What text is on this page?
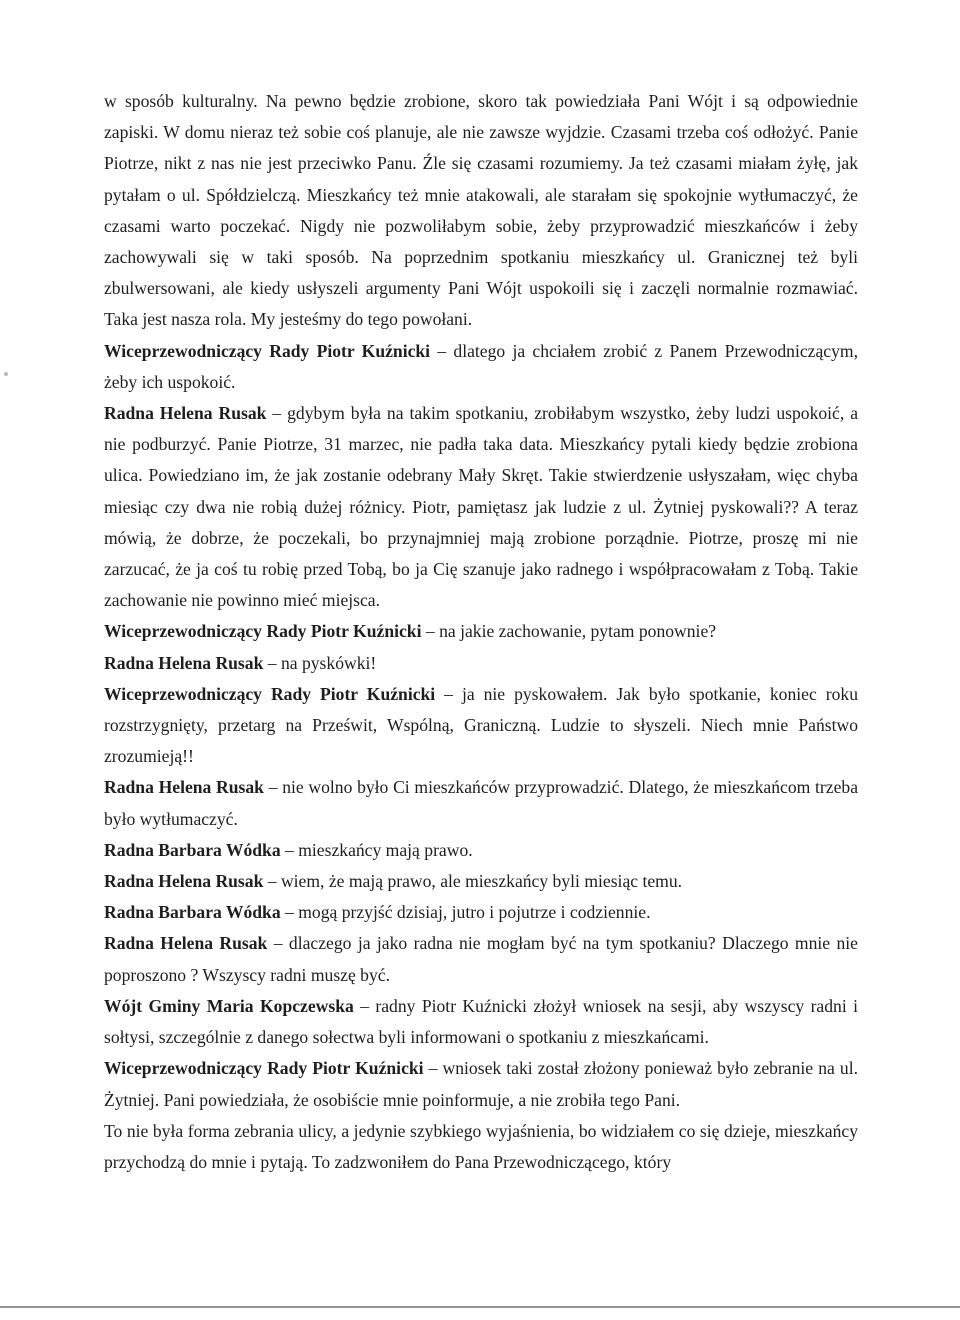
w sposób kulturalny. Na pewno będzie zrobione, skoro tak powiedziała Pani Wójt i są odpowiednie zapiski. W domu nieraz też sobie coś planuje, ale nie zawsze wyjdzie. Czasami trzeba coś odłożyć. Panie Piotrze, nikt z nas nie jest przeciwko Panu. Źle się czasami rozumiemy. Ja też czasami miałam żyłę, jak pytałam o ul. Spółdzielczą. Mieszkańcy też mnie atakowali, ale starałam się spokojnie wytłumaczyć, że czasami warto poczekać. Nigdy nie pozwoliłabym sobie, żeby przyprowadzić mieszkańców i żeby zachowywali się w taki sposób. Na poprzednim spotkaniu mieszkańcy ul. Granicznej też byli zbulwersowani, ale kiedy usłyszeli argumenty Pani Wójt uspokoili się i zaczęli normalnie rozmawiać. Taka jest nasza rola. My jesteśmy do tego powołani.

Wiceprzewodniczący Rady Piotr Kuźnicki – dlatego ja chciałem zrobić z Panem Przewodniczącym, żeby ich uspokoić.

Radna Helena Rusak – gdybym była na takim spotkaniu, zrobiłabym wszystko, żeby ludzi uspokoić, a nie podburzyć. Panie Piotrze, 31 marzec, nie padła taka data. Mieszkańcy pytali kiedy będzie zrobiona ulica. Powiedziano im, że jak zostanie odebrany Mały Skręt. Takie stwierdzenie usłyszałam, więc chyba miesiąc czy dwa nie robią dużej różnicy. Piotr, pamiętasz jak ludzie z ul. Żytniej pyskowali?? A teraz mówią, że dobrze, że poczekali, bo przynajmniej mają zrobione porządnie. Piotrze, proszę mi nie zarzucać, że ja coś tu robię przed Tobą, bo ja Cię szanuje jako radnego i współpracowałam z Tobą. Takie zachowanie nie powinno mieć miejsca.

Wiceprzewodniczący Rady Piotr Kuźnicki – na jakie zachowanie, pytam ponownie?

Radna Helena Rusak – na pyskówki!

Wiceprzewodniczący Rady Piotr Kuźnicki – ja nie pyskowałem. Jak było spotkanie, koniec roku rozstrzygnięty, przetarg na Prześwit, Wspólną, Graniczną. Ludzie to słyszeli. Niech mnie Państwo zrozumieją!!

Radna Helena Rusak – nie wolno było Ci mieszkańców przyprowadzić. Dlatego, że mieszkańcom trzeba było wytłumaczyć.

Radna Barbara Wódka – mieszkańcy mają prawo.

Radna Helena Rusak – wiem, że mają prawo, ale mieszkańcy byli miesiąc temu.

Radna Barbara Wódka – mogą przyjść dzisiaj, jutro i pojutrze i codziennie.

Radna Helena Rusak – dlaczego ja jako radna nie mogłam być na tym spotkaniu? Dlaczego mnie nie poproszono ? Wszyscy radni muszę być.

Wójt Gminy Maria Kopczewska – radny Piotr Kuźnicki złożył wniosek na sesji, aby wszyscy radni i sołtysi, szczególnie z danego sołectwa byli informowani o spotkaniu z mieszkańcami.

Wiceprzewodniczący Rady Piotr Kuźnicki – wniosek taki został złożony ponieważ było zebranie na ul. Żytniej. Pani powiedziała, że osobiście mnie poinformuje, a nie zrobiła tego Pani.

To nie była forma zebrania ulicy, a jedynie szybkiego wyjaśnienia, bo widziałem co się dzieje, mieszkańcy przychodzą do mnie i pytają. To zadzwoniłem do Pana Przewodniczącego, który
